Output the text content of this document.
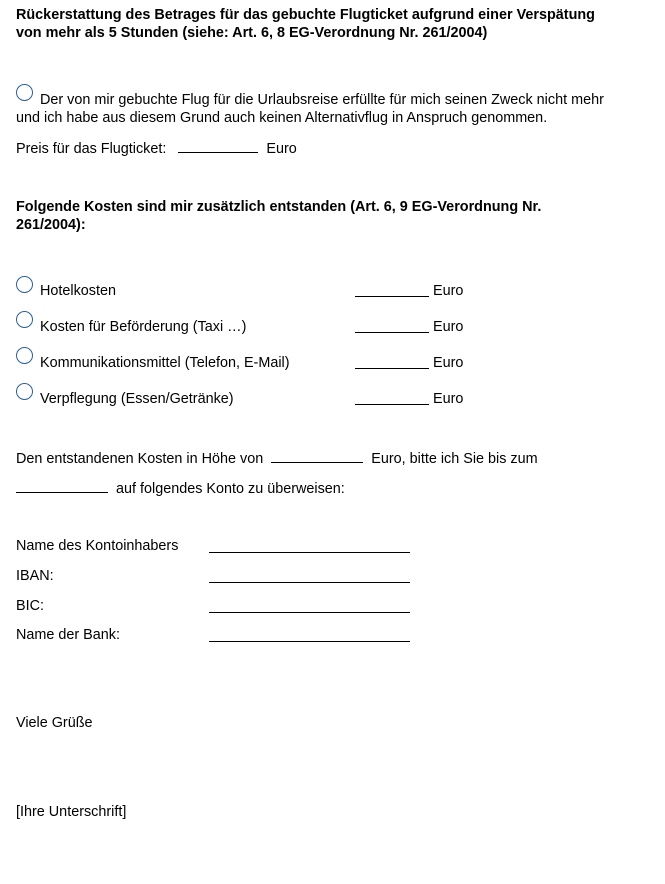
Rückerstattung des Betrages für das gebuchte Flugticket aufgrund einer Verspätung
von mehr als 5 Stunden (siehe: Art. 6, 8 EG-Verordnung Nr. 261/2004)
Der von mir gebuchte Flug für die Urlaubsreise erfüllte für mich seinen Zweck nicht mehr
und ich habe aus diesem Grund auch keinen Alternativflug in Anspruch genommen.
Preis für das Flugticket:	Euro
Folgende Kosten sind mir zusätzlich entstanden (Art. 6, 9 EG-Verordnung Nr.
261/2004):
Hotelkosten	Euro
Kosten für Beförderung (Taxi …)	Euro
Kommunikationsmittel (Telefon, E-Mail)	Euro
Verpflegung (Essen/Getränke)	Euro
Den entstandenen Kosten in Höhe von	Euro, bitte ich Sie bis zum
auf folgendes Konto zu überweisen:
Name des Kontoinhabers
IBAN:
BIC:
Name der Bank:
Viele Grüße
[Ihre Unterschrift]
